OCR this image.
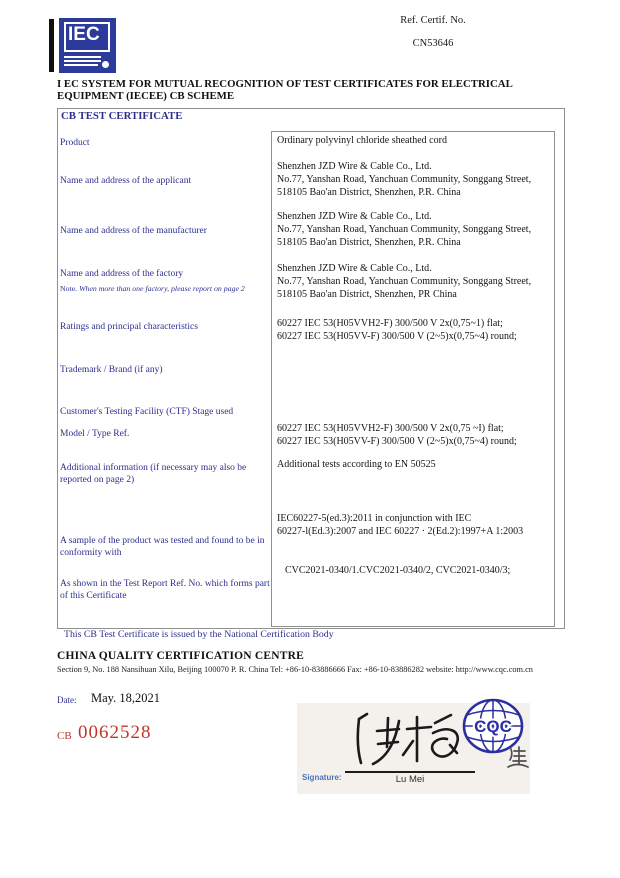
IEC
Ref. Certif. No.
CN53646
I EC SYSTEM FOR MUTUAL RECOGNITION OF TEST CERTIFICATES FOR ELECTRICAL EQUIPMENT (IECEE) CB SCHEME
CB TEST CERTIFICATE
Product
Name and address of the applicant
Name and address of the manufacturer
Name and address of the factory
Note. When more than one factory, please report on page 2
Ratings and principal characteristics
Trademark / Brand (if any)
Customer's Testing Facility (CTF) Stage used
Model / Type Ref.
Additional information (if necessary may also be reported on page 2)
A sample of the product was tested and found to be in conformity with
As shown in the Test Report Ref. No. which forms part of this Certificate
Ordinary polyvinyl chloride sheathed cord
Shenzhen JZD Wire & Cable Co., Ltd.
No.77, Yanshan Road, Yanchuan Community, Songgang Street,
518105 Bao'an District, Shenzhen, P.R. China
Shenzhen JZD Wire & Cable Co., Ltd.
No.77, Yanshan Road, Yanchuan Community, Songgang Street,
518105 Bao'an District, Shenzhen, P.R. China
Shenzhen JZD Wire & Cable Co., Ltd.
No.77, Yanshan Road, Yanchuan Community, Songgang Street,
518105 Bao'an District, Shenzhen, PR China
60227 IEC 53(H05VVH2-F) 300/500 V 2x(0,75~1) flat;
60227 IEC 53(H05VV-F) 300/500 V (2~5)x(0,75~4) round;
60227 IEC 53(H05VVH2-F) 300/500 V 2x(0,75 ~I) flat;
60227 IEC 53(H05VV-F) 300/500 V (2~5)x(0,75~4) round;
Additional tests according to EN 50525
IEC60227-5(ed.3):2011 in conjunction with IEC
60227-l(Ed.3):2007 and IEC 60227 · 2(Ed.2):1997+A 1:2003
CVC2021-0340/1.CVC2021-0340/2, CVC2021-0340/3;
This CB Test Certificate is issued by the National Certification Body
CHINA QUALITY CERTIFICATION CENTRE
Section 9, No. 188 Nansihuan Xilu, Beijing 100070 P. R. China Tel: +86-10-83886666 Fax: +86-10-83886282 website: http://www.cqc.com.cn
Date: May. 18,2021
CB 0062528
Signature:	Lu Mei
CQC
